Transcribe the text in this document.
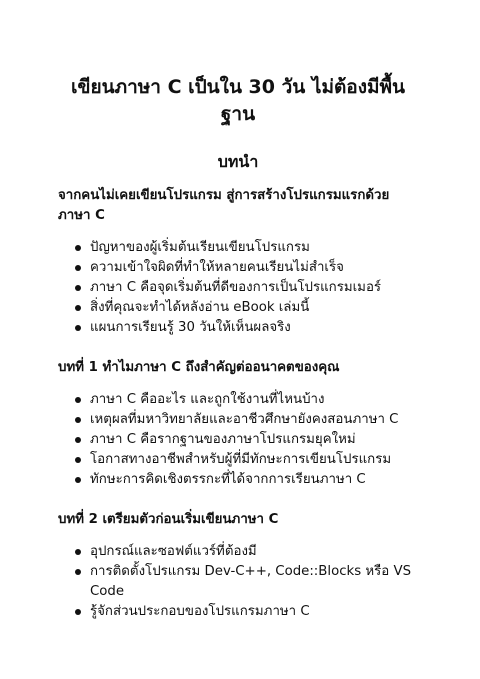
เขียนภาษา C เป็นใน 30 วัน ไม่ต้องมีพื้นฐาน
บทนำ
จากคนไม่เคยเขียนโปรแกรม สู่การสร้างโปรแกรมแรกด้วยภาษา C
ปัญหาของผู้เริ่มต้นเรียนเขียนโปรแกรม
ความเข้าใจผิดที่ทำให้หลายคนเรียนไม่สำเร็จ
ภาษา C คือจุดเริ่มต้นที่ดีของการเป็นโปรแกรมเมอร์
สิ่งที่คุณจะทำได้หลังอ่าน eBook เล่มนี้
แผนการเรียนรู้ 30 วันให้เห็นผลจริง
บทที่ 1 ทำไมภาษา C ถึงสำคัญต่ออนาคตของคุณ
ภาษา C คืออะไร และถูกใช้งานที่ไหนบ้าง
เหตุผลที่มหาวิทยาลัยและอาชีวศึกษายังคงสอนภาษา C
ภาษา C คือรากฐานของภาษาโปรแกรมยุคใหม่
โอกาสทางอาชีพสำหรับผู้ที่มีทักษะการเขียนโปรแกรม
ทักษะการคิดเชิงตรรกะที่ได้จากการเรียนภาษา C
บทที่ 2 เตรียมตัวก่อนเริ่มเขียนภาษา C
อุปกรณ์และซอฟต์แวร์ที่ต้องมี
การติดตั้งโปรแกรม Dev-C++, Code::Blocks หรือ VS Code
รู้จักส่วนประกอบของโปรแกรมภาษา C
